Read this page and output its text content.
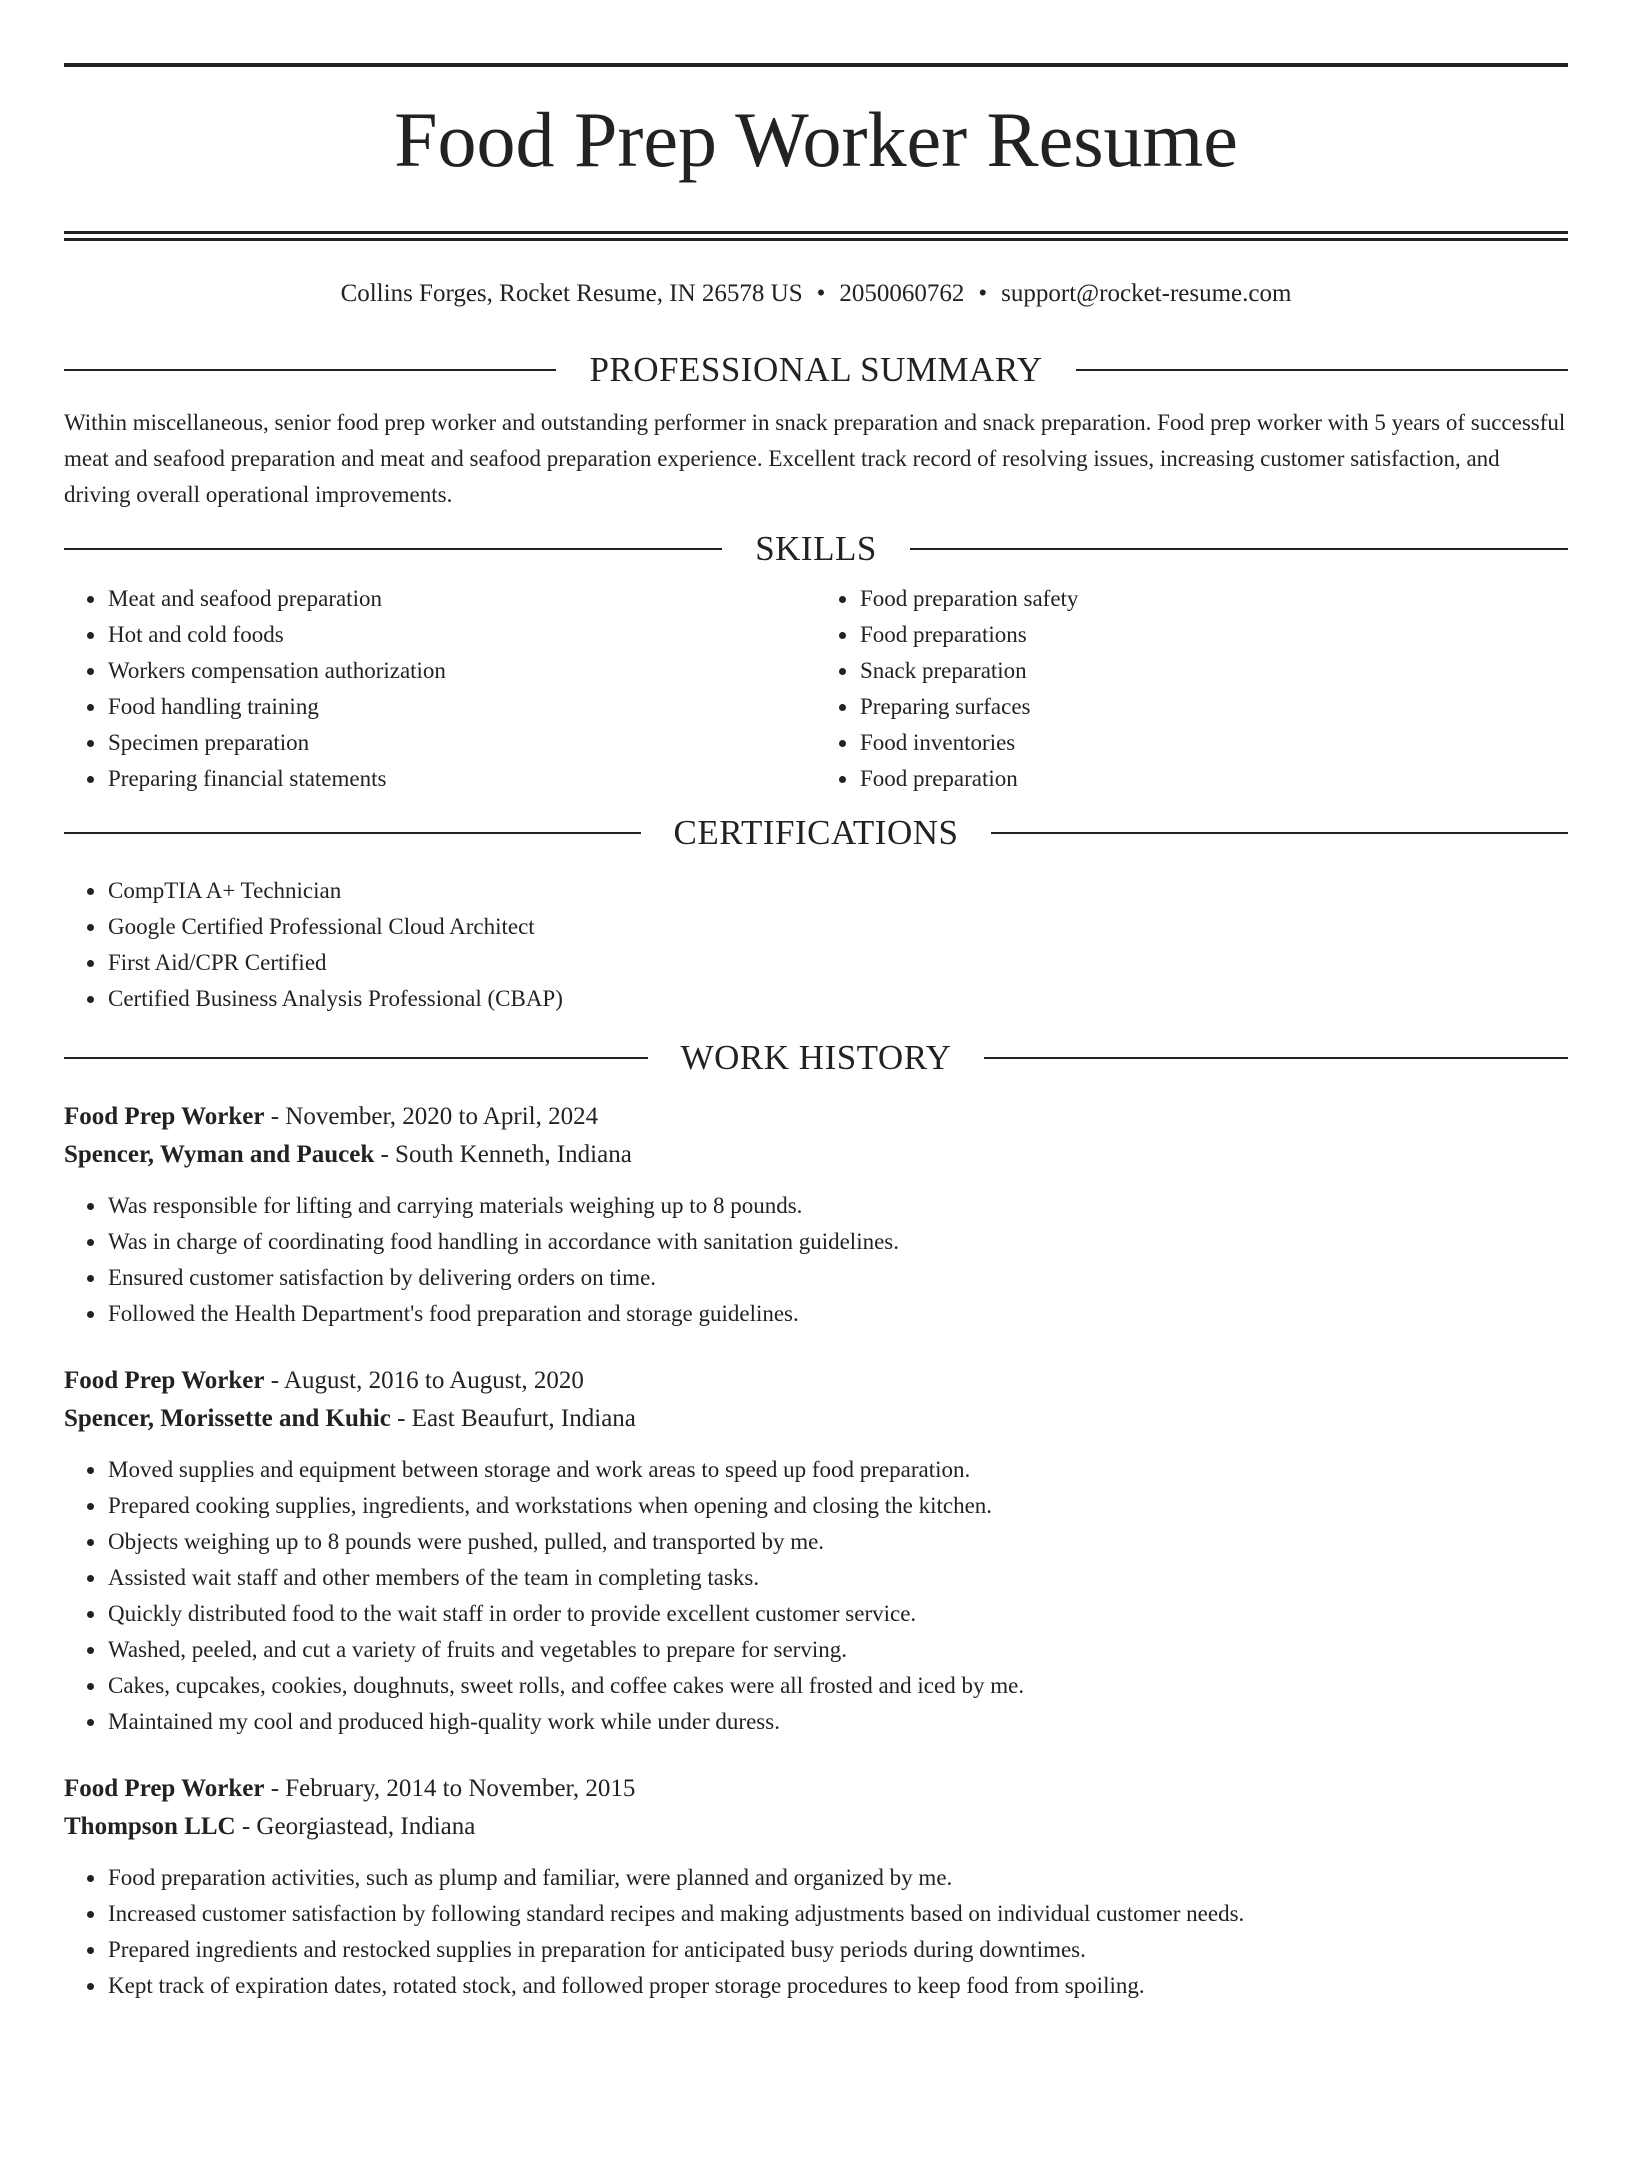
Food Prep Worker Resume
Collins Forges, Rocket Resume, IN 26578 US • 2050060762 • support@rocket-resume.com
PROFESSIONAL SUMMARY

Within miscellaneous, senior food prep worker and outstanding performer in snack preparation and snack preparation. Food prep worker with 5 years of successful meat and seafood preparation and meat and seafood preparation experience. Excellent track record of resolving issues, increasing customer satisfaction, and driving overall operational improvements.

SKILLS
• Meat and seafood preparation
• Hot and cold foods
• Workers compensation authorization
• Food handling training
• Specimen preparation
• Preparing financial statements
• Food preparation safety
• Food preparations
• Snack preparation
• Preparing surfaces
• Food inventories
• Food preparation
CERTIFICATIONS
• CompTIA A+ Technician
• Google Certified Professional Cloud Architect
• First Aid/CPR Certified
• Certified Business Analysis Professional (CBAP)
WORK HISTORY
Food Prep Worker - November, 2020 to April, 2024
Spencer, Wyman and Paucek - South Kenneth, Indiana
• Was responsible for lifting and carrying materials weighing up to 8 pounds.
• Was in charge of coordinating food handling in accordance with sanitation guidelines.
• Ensured customer satisfaction by delivering orders on time.
• Followed the Health Department's food preparation and storage guidelines.
Food Prep Worker - August, 2016 to August, 2020
Spencer, Morissette and Kuhic - East Beaufurt, Indiana
• Moved supplies and equipment between storage and work areas to speed up food preparation.
• Prepared cooking supplies, ingredients, and workstations when opening and closing the kitchen.
• Objects weighing up to 8 pounds were pushed, pulled, and transported by me.
• Assisted wait staff and other members of the team in completing tasks.
• Quickly distributed food to the wait staff in order to provide excellent customer service.
• Washed, peeled, and cut a variety of fruits and vegetables to prepare for serving.
• Cakes, cupcakes, cookies, doughnuts, sweet rolls, and coffee cakes were all frosted and iced by me.
• Maintained my cool and produced high-quality work while under duress.
Food Prep Worker - February, 2014 to November, 2015
Thompson LLC - Georgiastead, Indiana
• Food preparation activities, such as plump and familiar, were planned and organized by me.
• Increased customer satisfaction by following standard recipes and making adjustments based on individual customer needs.
• Prepared ingredients and restocked supplies in preparation for anticipated busy periods during downtimes.
• Kept track of expiration dates, rotated stock, and followed proper storage procedures to keep food from spoiling.
